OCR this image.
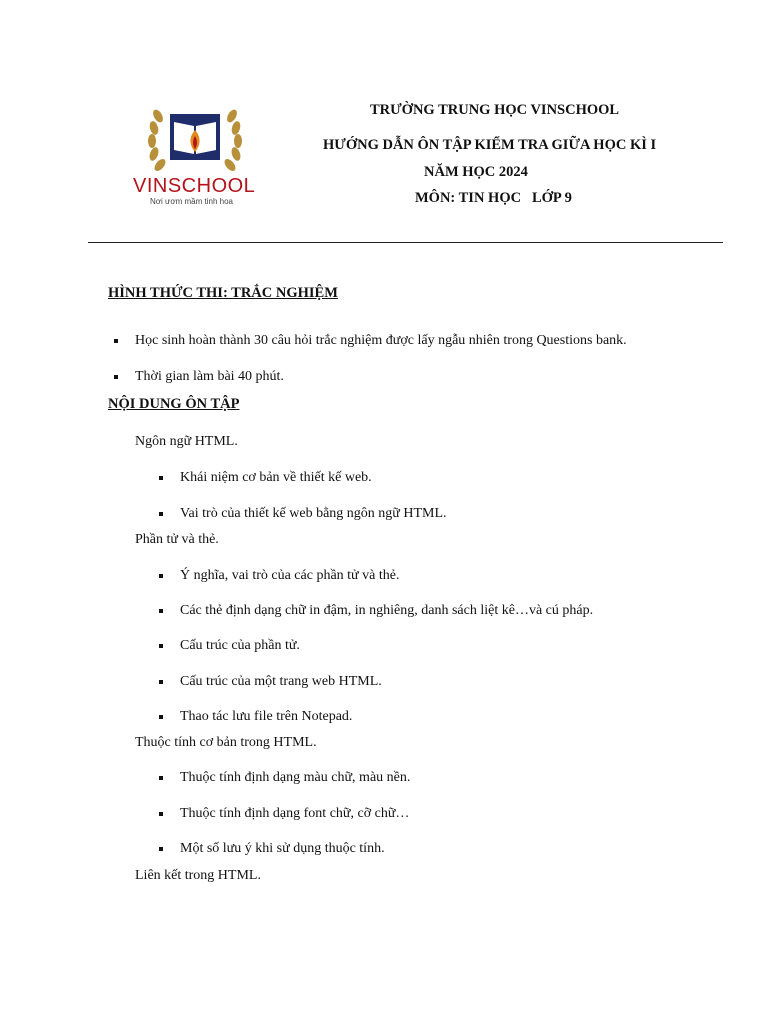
VINSCHOOL
Nơi ươm mầm tinh hoa
TRƯỜNG TRUNG HỌC VINSCHOOL
HƯỚNG DẪN ÔN TẬP KIỂM TRA GIỮA HỌC KÌ I
NĂM HỌC 2024
MÔN: TIN HỌC   LỚP 9
HÌNH THỨC THI: TRẮC NGHIỆM
Học sinh hoàn thành 30 câu hỏi trắc nghiệm được lấy ngẫu nhiên trong Questions bank.
Thời gian làm bài 40 phút.
NỘI DUNG ÔN TẬP
Ngôn ngữ HTML.
Khái niệm cơ bản về thiết kế web.
Vai trò của thiết kế web bằng ngôn ngữ HTML.
Phần tử và thẻ.
Ý nghĩa, vai trò của các phần tử và thẻ.
Các thẻ định dạng chữ in đậm, in nghiêng, danh sách liệt kê…và cú pháp.
Cấu trúc của phần tử.
Cấu trúc của một trang web HTML.
Thao tác lưu file trên Notepad.
Thuộc tính cơ bản trong HTML.
Thuộc tính định dạng màu chữ, màu nền.
Thuộc tính định dạng font chữ, cỡ chữ…
Một số lưu ý khi sử dụng thuộc tính.
Liên kết trong HTML.
